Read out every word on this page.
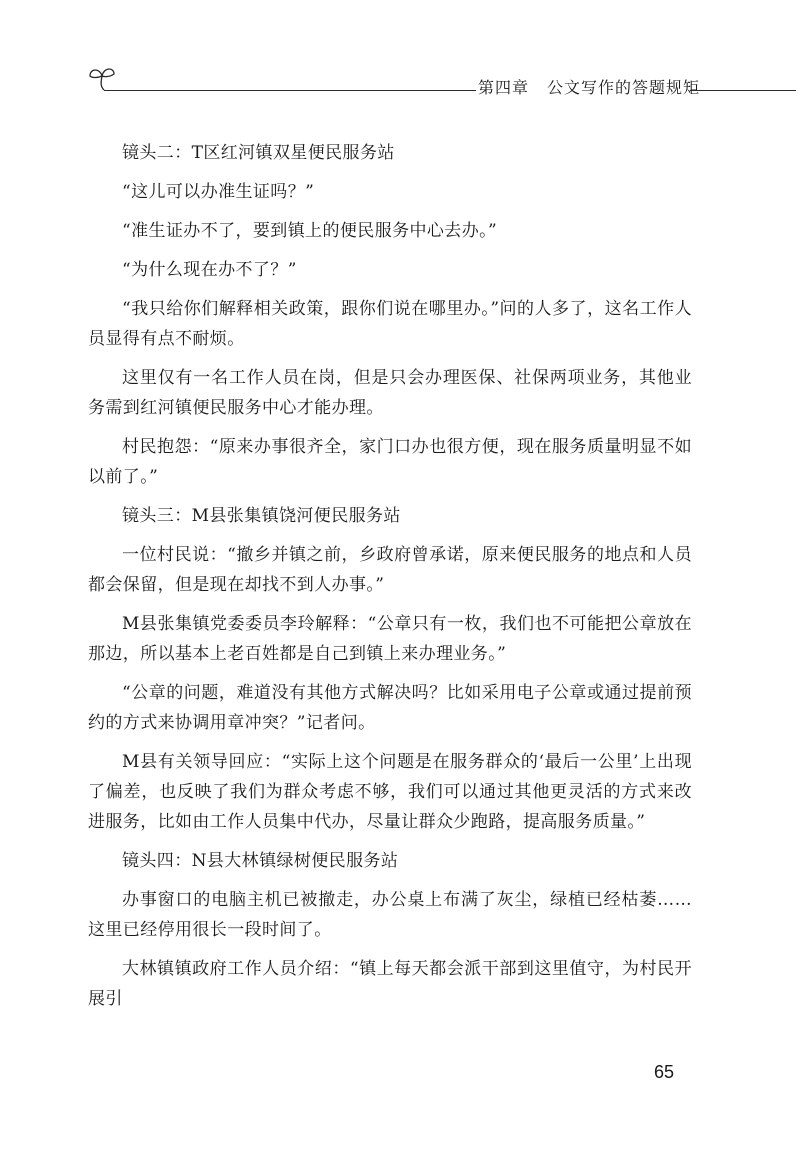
第四章 公文写作的答题规矩

镜头二：T区红河镇双星便民服务站

“这儿可以办准生证吗？”

“准生证办不了，要到镇上的便民服务中心去办。”

“为什么现在办不了？”

“我只给你们解释相关政策，跟你们说在哪里办。”问的人多了，这名工作人员显得有点不耐烦。

这里仅有一名工作人员在岗，但是只会办理医保、社保两项业务，其他业务需到红河镇便民服务中心才能办理。

村民抱怨：“原来办事很齐全，家门口办也很方便，现在服务质量明显不如以前了。”

镜头三：M县张集镇饶河便民服务站

一位村民说：“撤乡并镇之前，乡政府曾承诺，原来便民服务的地点和人员都会保留，但是现在却找不到人办事。”

M县张集镇党委委员李玲解释：“公章只有一枚，我们也不可能把公章放在那边，所以基本上老百姓都是自己到镇上来办理业务。”

“公章的问题，难道没有其他方式解决吗？比如采用电子公章或通过提前预约的方式来协调用章冲突？”记者问。

M县有关领导回应：“实际上这个问题是在服务群众的‘最后一公里’上出现了偏差，也反映了我们为群众考虑不够，我们可以通过其他更灵活的方式来改进服务，比如由工作人员集中代办，尽量让群众少跑路，提高服务质量。”

镜头四：N县大林镇绿树便民服务站

办事窗口的电脑主机已被撤走，办公桌上布满了灰尘，绿植已经枯萎……这里已经停用很长一段时间了。

大林镇镇政府工作人员介绍：“镇上每天都会派干部到这里值守，为村民开展引

65
